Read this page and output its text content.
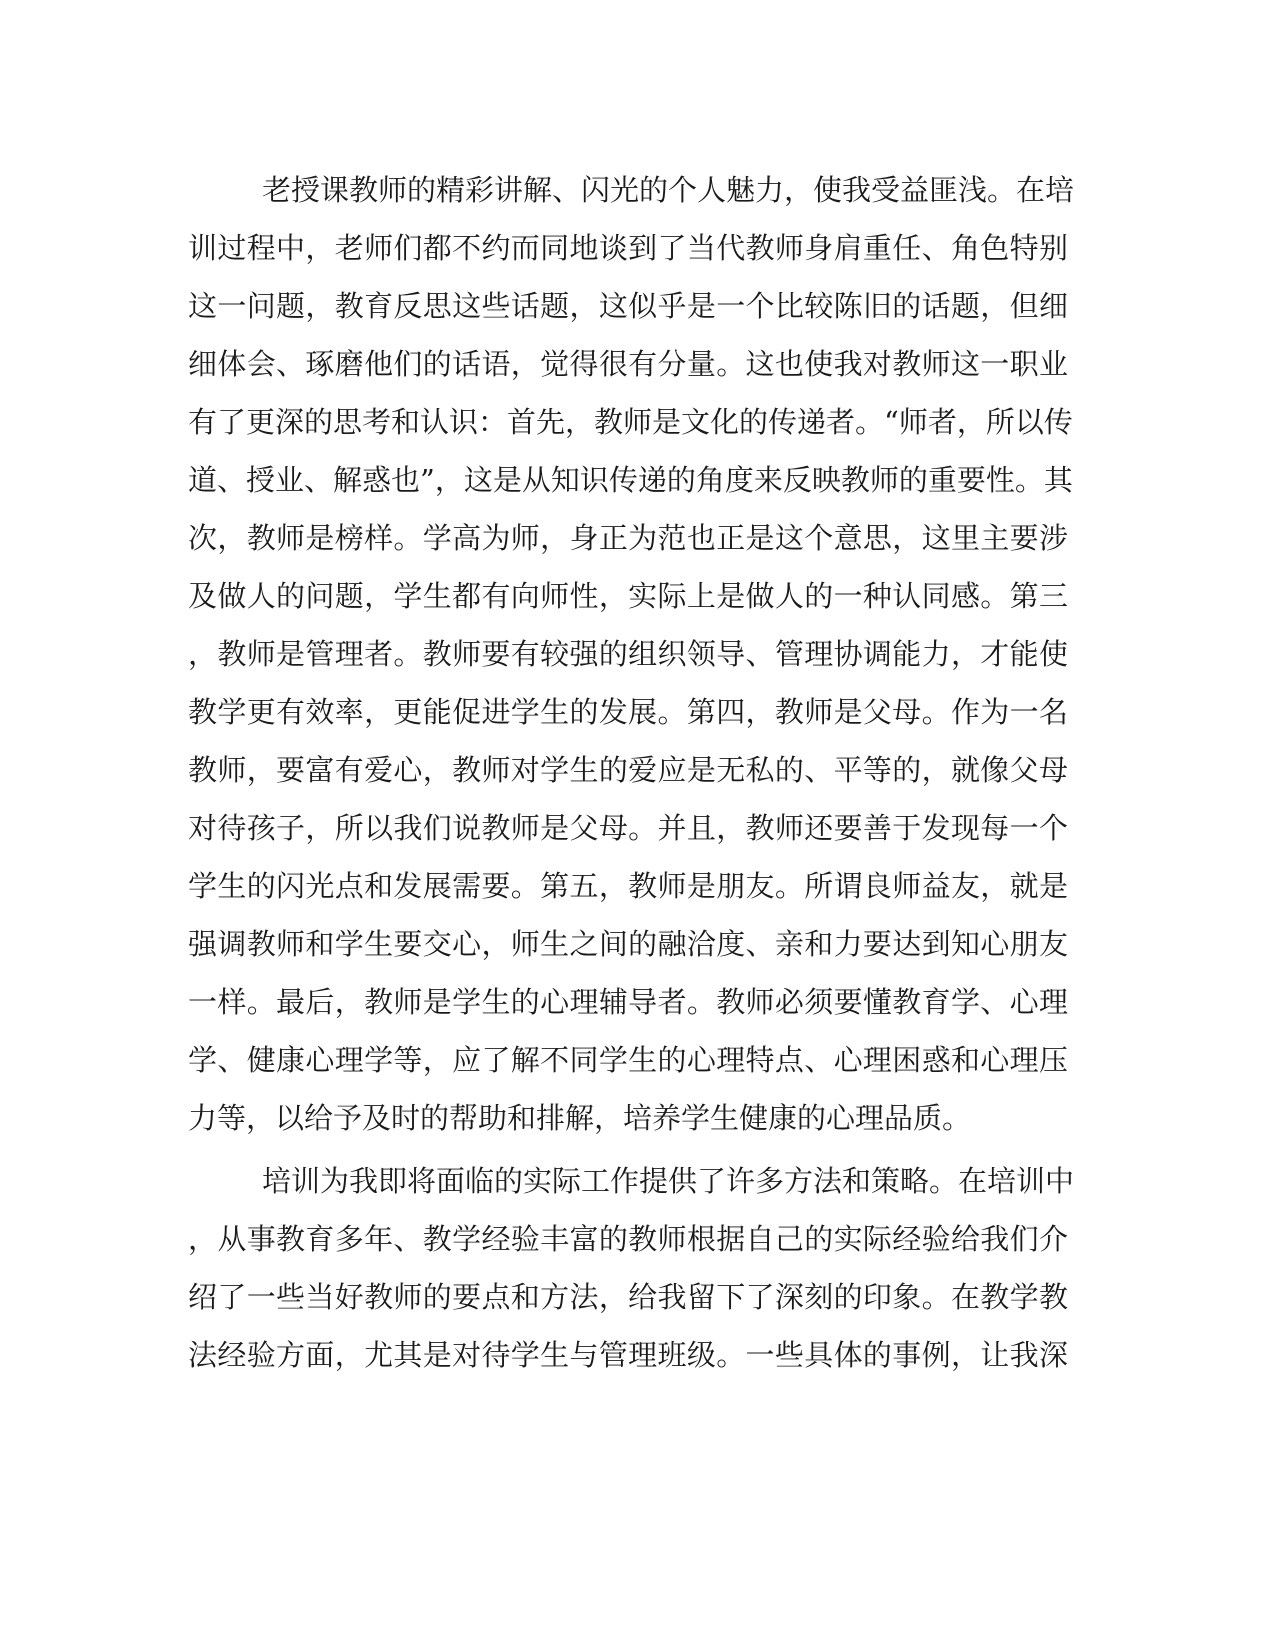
老授课教师的精彩讲解、闪光的个人魅力，使我受益匪浅。在培
训过程中，老师们都不约而同地谈到了当代教师身肩重任、角色特别
这一问题，教育反思这些话题，这似乎是一个比较陈旧的话题，但细
细体会、琢磨他们的话语，觉得很有分量。这也使我对教师这一职业
有了更深的思考和认识：首先，教师是文化的传递者。“师者，所以传
道、授业、解惑也”，这是从知识传递的角度来反映教师的重要性。其
次，教师是榜样。学高为师，身正为范也正是这个意思，这里主要涉
及做人的问题，学生都有向师性，实际上是做人的一种认同感。第三
，教师是管理者。教师要有较强的组织领导、管理协调能力，才能使
教学更有效率，更能促进学生的发展。第四，教师是父母。作为一名
教师，要富有爱心，教师对学生的爱应是无私的、平等的，就像父母
对待孩子，所以我们说教师是父母。并且，教师还要善于发现每一个
学生的闪光点和发展需要。第五，教师是朋友。所谓良师益友，就是
强调教师和学生要交心，师生之间的融洽度、亲和力要达到知心朋友
一样。最后，教师是学生的心理辅导者。教师必须要懂教育学、心理
学、健康心理学等，应了解不同学生的心理特点、心理困惑和心理压
力等，以给予及时的帮助和排解，培养学生健康的心理品质。
培训为我即将面临的实际工作提供了许多方法和策略。在培训中
，从事教育多年、教学经验丰富的教师根据自己的实际经验给我们介
绍了一些当好教师的要点和方法，给我留下了深刻的印象。在教学教
法经验方面，尤其是对待学生与管理班级。一些具体的事例，让我深
